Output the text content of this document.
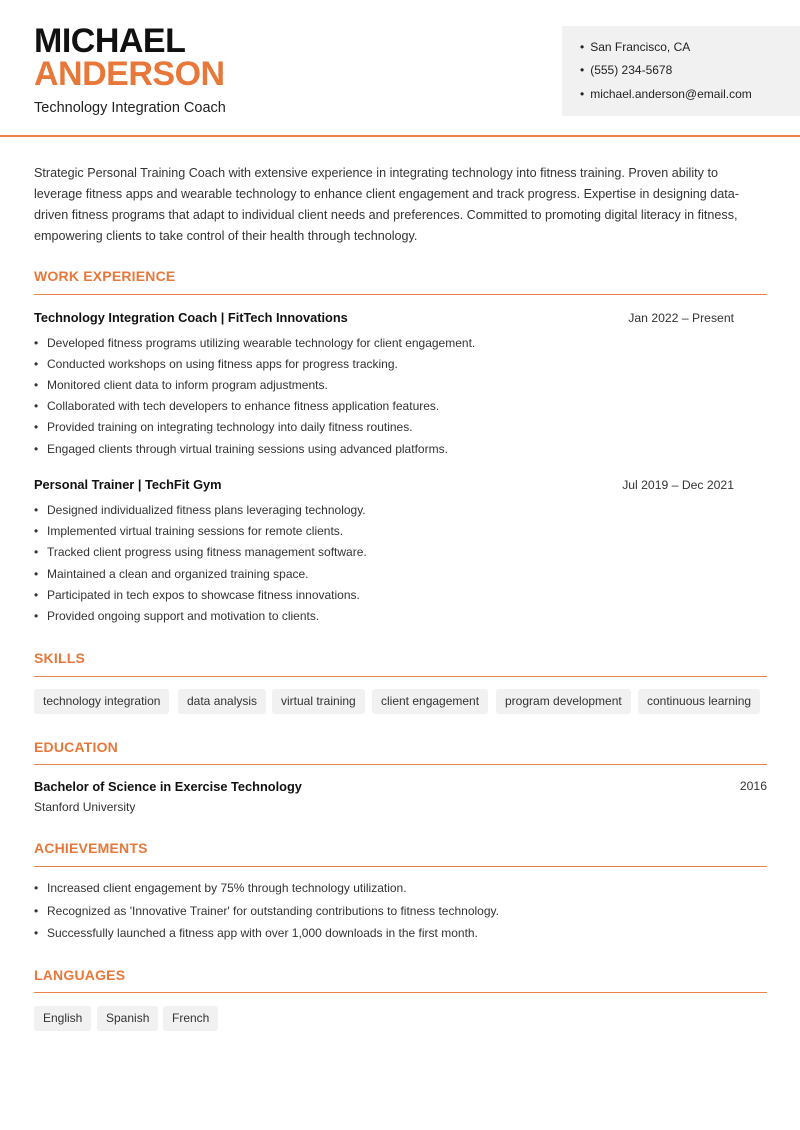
MICHAEL
ANDERSON
Technology Integration Coach
• San Francisco, CA
• (555) 234-5678
• michael.anderson@email.com
Strategic Personal Training Coach with extensive experience in integrating technology into fitness training. Proven ability to leverage fitness apps and wearable technology to enhance client engagement and track progress. Expertise in designing data-driven fitness programs that adapt to individual client needs and preferences. Committed to promoting digital literacy in fitness, empowering clients to take control of their health through technology.
WORK EXPERIENCE
Technology Integration Coach | FitTech Innovations	Jan 2022 – Present
• Developed fitness programs utilizing wearable technology for client engagement.
• Conducted workshops on using fitness apps for progress tracking.
• Monitored client data to inform program adjustments.
• Collaborated with tech developers to enhance fitness application features.
• Provided training on integrating technology into daily fitness routines.
• Engaged clients through virtual training sessions using advanced platforms.
Personal Trainer | TechFit Gym	Jul 2019 – Dec 2021
• Designed individualized fitness plans leveraging technology.
• Implemented virtual training sessions for remote clients.
• Tracked client progress using fitness management software.
• Maintained a clean and organized training space.
• Participated in tech expos to showcase fitness innovations.
• Provided ongoing support and motivation to clients.
SKILLS
technology integration	data analysis	virtual training	client engagement	program development	continuous learning
EDUCATION
Bachelor of Science in Exercise Technology	2016
Stanford University
ACHIEVEMENTS
• Increased client engagement by 75% through technology utilization.
• Recognized as 'Innovative Trainer' for outstanding contributions to fitness technology.
• Successfully launched a fitness app with over 1,000 downloads in the first month.
LANGUAGES
English	Spanish	French
